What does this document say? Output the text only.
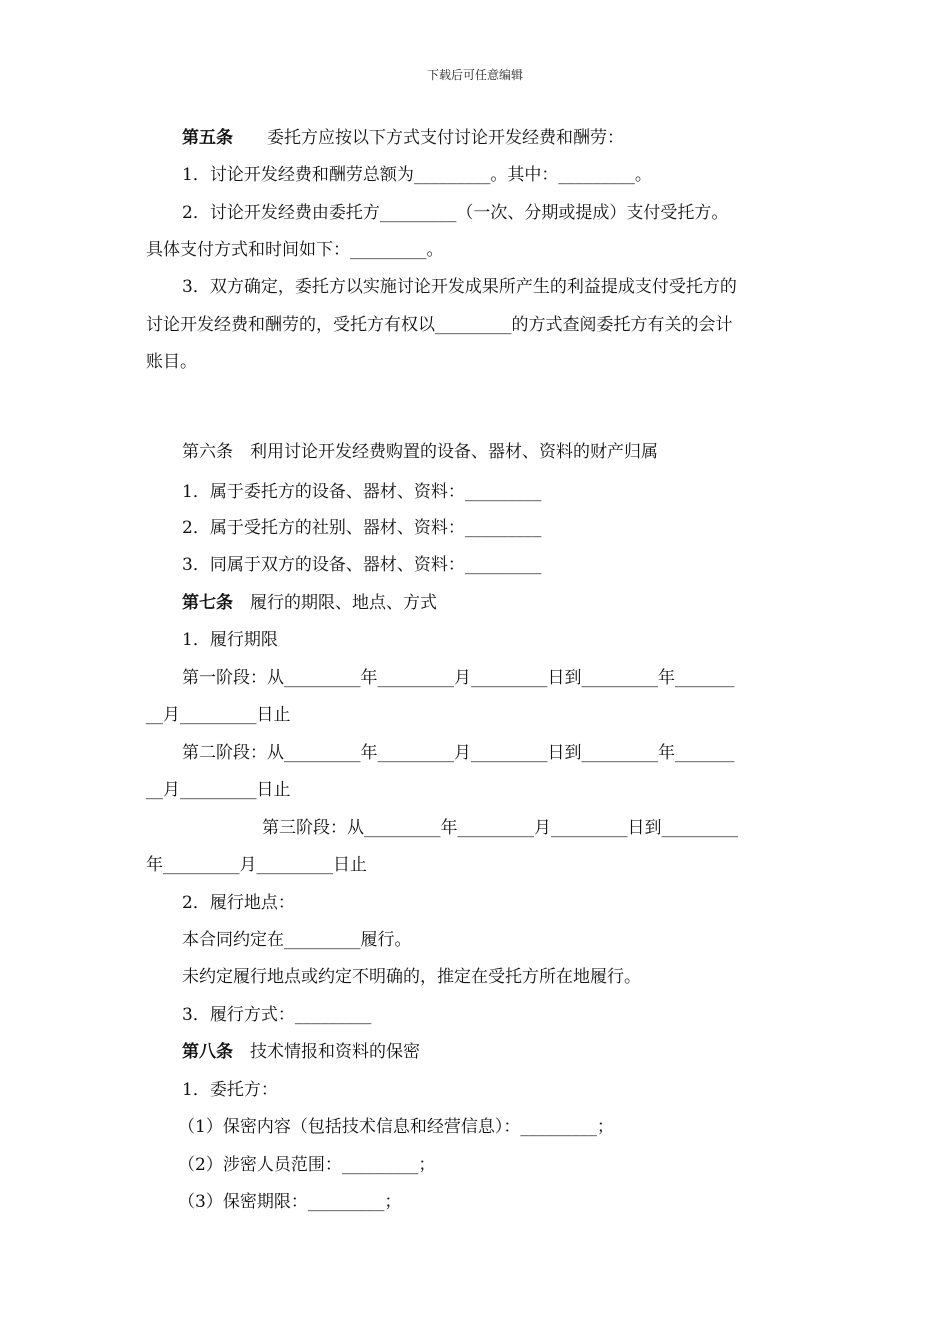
下载后可任意编辑
第五条　　委托方应按以下方式支付讨论开发经费和酬劳：
1．讨论开发经费和酬劳总额为_________。其中：_________。
2．讨论开发经费由委托方_________（一次、分期或提成）支付受托方。
具体支付方式和时间如下：_________。
3．双方确定，委托方以实施讨论开发成果所产生的利益提成支付受托方的
讨论开发经费和酬劳的，受托方有权以_________的方式查阅委托方有关的会计
账目。
第六条　利用讨论开发经费购置的设备、器材、资料的财产归属
1．属于委托方的设备、器材、资料：_________
2．属于受托方的社别、器材、资料：_________
3．同属于双方的设备、器材、资料：_________
第七条　履行的期限、地点、方式
1．履行期限
第一阶段：从_________年_________月_________日到_________年_______
__月_________日止
第二阶段：从_________年_________月_________日到_________年_______
__月_________日止
第三阶段：从_________年_________月_________日到_________
年_________月_________日止
2．履行地点：
本合同约定在_________履行。
未约定履行地点或约定不明确的，推定在受托方所在地履行。
3．履行方式：_________
第八条　技术情报和资料的保密
1．委托方：
（1）保密内容（包括技术信息和经营信息）：_________；
（2）涉密人员范围：_________；
（3）保密期限：_________；
